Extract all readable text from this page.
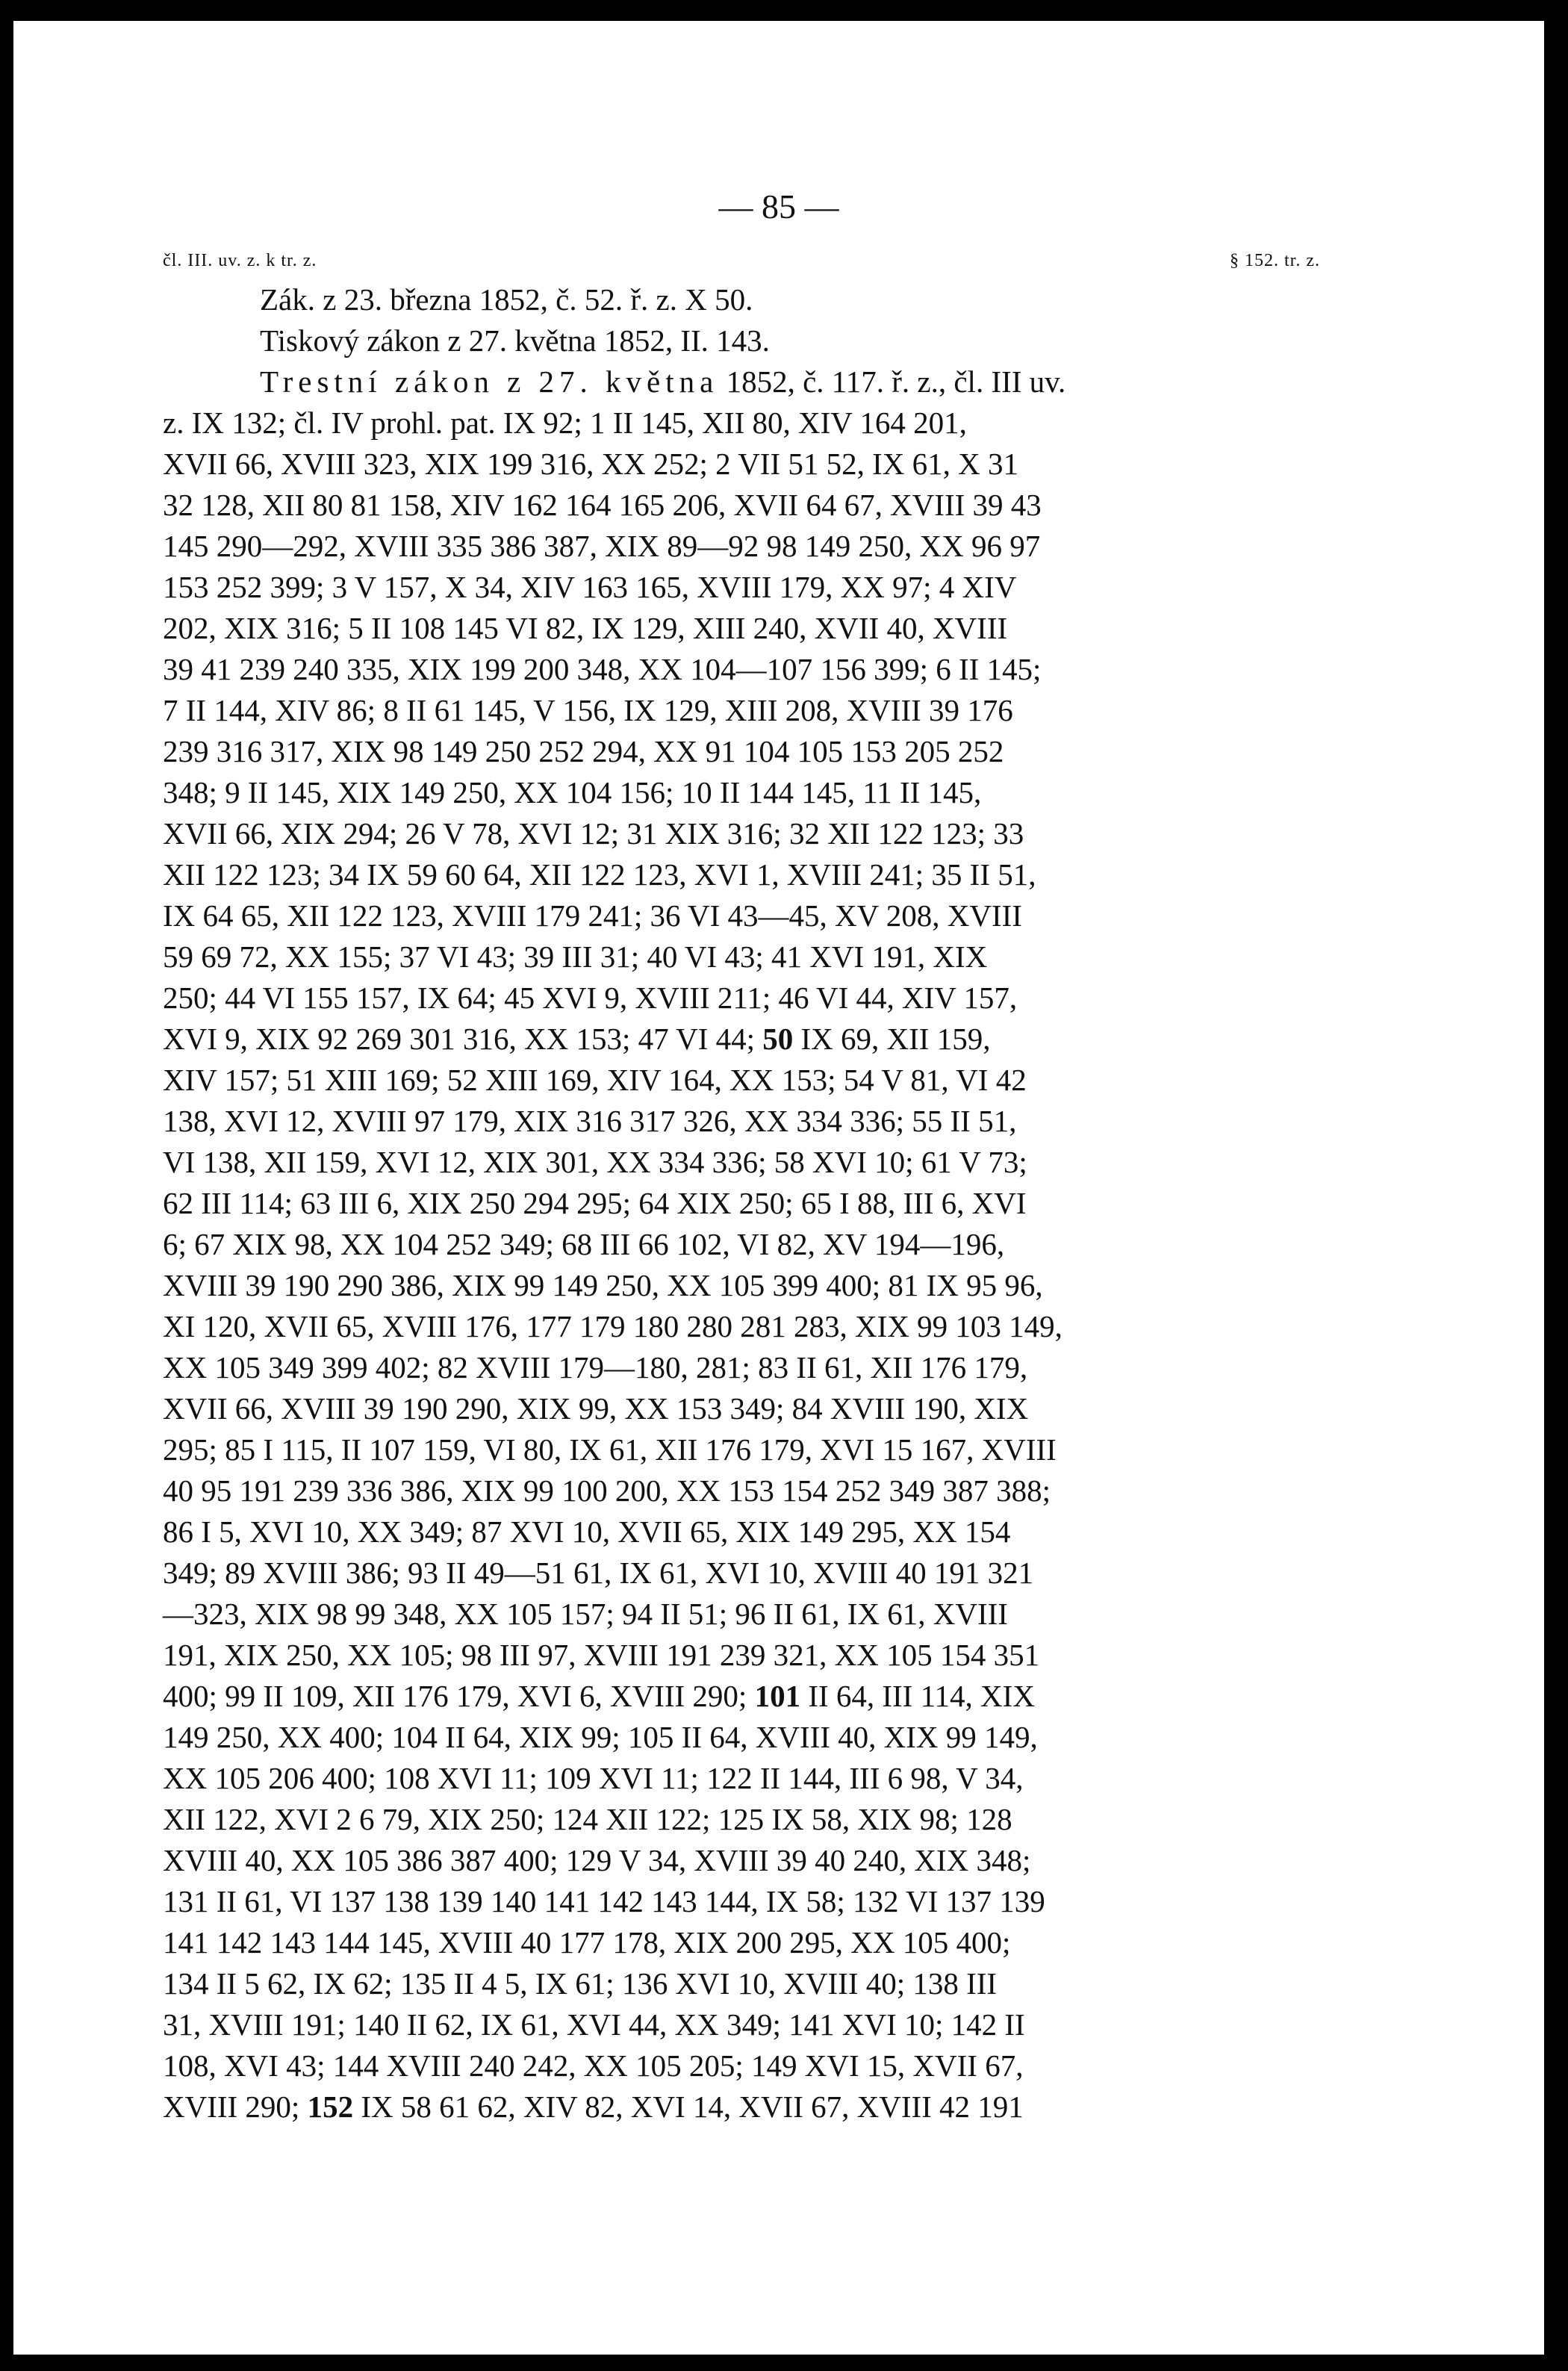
— 85 —
čl. III. uv. z. k tr. z.	§ 152. tr. z.
Zák. z 23. března 1852, č. 52. ř. z. X 50.
Tiskový zákon z 27. května 1852, II. 143.
Trestní zákon z 27. května 1852, č. 117. ř. z., čl. III uv.
z. IX 132; čl. IV prohl. pat. IX 92; 1 II 145, XII 80, XIV 164 201,
XVII 66, XVIII 323, XIX 199 316, XX 252; 2 VII 51 52, IX 61, X 31
32 128, XII 80 81 158, XIV 162 164 165 206, XVII 64 67, XVIII 39 43
145 290—292, XVIII 335 386 387, XIX 89—92 98 149 250, XX 96 97
153 252 399; 3 V 157, X 34, XIV 163 165, XVIII 179, XX 97; 4 XIV
202, XIX 316; 5 II 108 145 VI 82, IX 129, XIII 240, XVII 40, XVIII
39 41 239 240 335, XIX 199 200 348, XX 104—107 156 399; 6 II 145;
7 II 144, XIV 86; 8 II 61 145, V 156, IX 129, XIII 208, XVIII 39 176
239 316 317, XIX 98 149 250 252 294, XX 91 104 105 153 205 252
348; 9 II 145, XIX 149 250, XX 104 156; 10 II 144 145, 11 II 145,
XVII 66, XIX 294; 26 V 78, XVI 12; 31 XIX 316; 32 XII 122 123; 33
XII 122 123; 34 IX 59 60 64, XII 122 123, XVI 1, XVIII 241; 35 II 51,
IX 64 65, XII 122 123, XVIII 179 241; 36 VI 43—45, XV 208, XVIII
59 69 72, XX 155; 37 VI 43; 39 III 31; 40 VI 43; 41 XVI 191, XIX
250; 44 VI 155 157, IX 64; 45 XVI 9, XVIII 211; 46 VI 44, XIV 157,
XVI 9, XIX 92 269 301 316, XX 153; 47 VI 44; 50 IX 69, XII 159,
XIV 157; 51 XIII 169; 52 XIII 169, XIV 164, XX 153; 54 V 81, VI 42
138, XVI 12, XVIII 97 179, XIX 316 317 326, XX 334 336; 55 II 51,
VI 138, XII 159, XVI 12, XIX 301, XX 334 336; 58 XVI 10; 61 V 73;
62 III 114; 63 III 6, XIX 250 294 295; 64 XIX 250; 65 I 88, III 6, XVI
6; 67 XIX 98, XX 104 252 349; 68 III 66 102, VI 82, XV 194—196,
XVIII 39 190 290 386, XIX 99 149 250, XX 105 399 400; 81 IX 95 96,
XI 120, XVII 65, XVIII 176, 177 179 180 280 281 283, XIX 99 103 149,
XX 105 349 399 402; 82 XVIII 179—180, 281; 83 II 61, XII 176 179,
XVII 66, XVIII 39 190 290, XIX 99, XX 153 349; 84 XVIII 190, XIX
295; 85 I 115, II 107 159, VI 80, IX 61, XII 176 179, XVI 15 167, XVIII
40 95 191 239 336 386, XIX 99 100 200, XX 153 154 252 349 387 388;
86 I 5, XVI 10, XX 349; 87 XVI 10, XVII 65, XIX 149 295, XX 154
349; 89 XVIII 386; 93 II 49—51 61, IX 61, XVI 10, XVIII 40 191 321
—323, XIX 98 99 348, XX 105 157; 94 II 51; 96 II 61, IX 61, XVIII
191, XIX 250, XX 105; 98 III 97, XVIII 191 239 321, XX 105 154 351
400; 99 II 109, XII 176 179, XVI 6, XVIII 290; 101 II 64, III 114, XIX
149 250, XX 400; 104 II 64, XIX 99; 105 II 64, XVIII 40, XIX 99 149,
XX 105 206 400; 108 XVI 11; 109 XVI 11; 122 II 144, III 6 98, V 34,
XII 122, XVI 2 6 79, XIX 250; 124 XII 122; 125 IX 58, XIX 98; 128
XVIII 40, XX 105 386 387 400; 129 V 34, XVIII 39 40 240, XIX 348;
131 II 61, VI 137 138 139 140 141 142 143 144, IX 58; 132 VI 137 139
141 142 143 144 145, XVIII 40 177 178, XIX 200 295, XX 105 400;
134 II 5 62, IX 62; 135 II 4 5, IX 61; 136 XVI 10, XVIII 40; 138 III
31, XVIII 191; 140 II 62, IX 61, XVI 44, XX 349; 141 XVI 10; 142 II
108, XVI 43; 144 XVIII 240 242, XX 105 205; 149 XVI 15, XVII 67,
XVIII 290; 152 IX 58 61 62, XIV 82, XVI 14, XVII 67, XVIII 42 191
